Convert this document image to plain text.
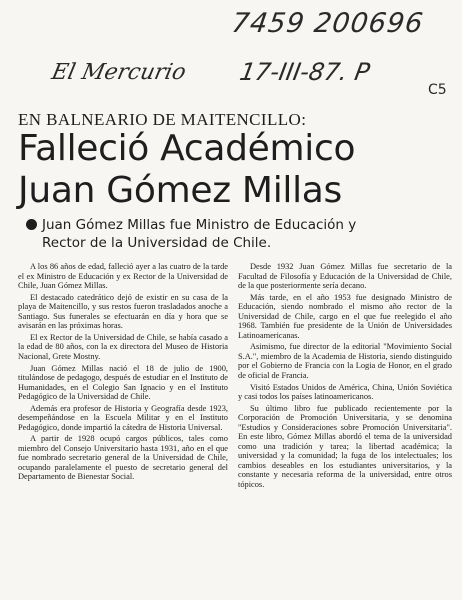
7459 200696
El Mercurio 17-III-87. P
C5
EN BALNEARIO DE MAITENCILLO:
Falleció Académico
Juan Gómez Millas
Juan Gómez Millas fue Ministro de Educación y
Rector de la Universidad de Chile.

A los 86 años de edad, falleció ayer a las cuatro de la tarde el ex Ministro de Educación y ex Rector de la Universidad de Chile, Juan Gómez Millas.

El destacado catedrático dejó de existir en su casa de la playa de Maitencillo, y sus restos fueron trasladados anoche a Santiago. Sus funerales se efectuarán en día y hora que se avisarán en las próximas horas.

El ex Rector de la Universidad de Chile, se había casado a la edad de 80 años, con la ex directora del Museo de Historia Nacional, Grete Mostny.

Juan Gómez Millas nació el 18 de julio de 1900, titulándose de pedagogo, después de estudiar en el Instituto de Humanidades, en el Colegio San Ignacio y en el Instituto Pedagógico de la Universidad de Chile.

Además era profesor de Historia y Geografía desde 1923, desempeñándose en la Escuela Militar y en el Instituto Pedagógico, donde impartió la cátedra de Historia Universal.

A partir de 1928 ocupó cargos públicos, tales como miembro del Consejo Universitario hasta 1931, año en el que fue nombrado secretario general de la Universidad de Chile, ocupando paralelamente el puesto de secretario general del Departamento de Bienestar Social.

Desde 1932 Juan Gómez Millas fue secretario de la Facultad de Filosofía y Educación de la Universidad de Chile, de la que posteriormente sería decano.

Más tarde, en el año 1953 fue designado Ministro de Educación, siendo nombrado el mismo año rector de la Universidad de Chile, cargo en el que fue reelegido el año 1968. También fue presidente de la Unión de Universidades Latinoamericanas.

Asimismo, fue director de la editorial "Movimiento Social S.A.", miembro de la Academia de Historia, siendo distinguido por el Gobierno de Francia con la Logia de Honor, en el grado de oficial de Francia.

Visitó Estados Unidos de América, China, Unión Soviética y casi todos los países latinoamericanos.

Su último libro fue publicado recientemente por la Corporación de Promoción Universitaria, y se denomina "Estudios y Consideraciones sobre Promoción Universitaria". En este libro, Gómez Millas abordó el tema de la universidad como una tradición y tarea; la libertad académica; la universidad y la comunidad; la fuga de los intelectuales; los cambios deseables en los estudiantes universitarios, y la constante y necesaria reforma de la universidad, entre otros tópicos.
